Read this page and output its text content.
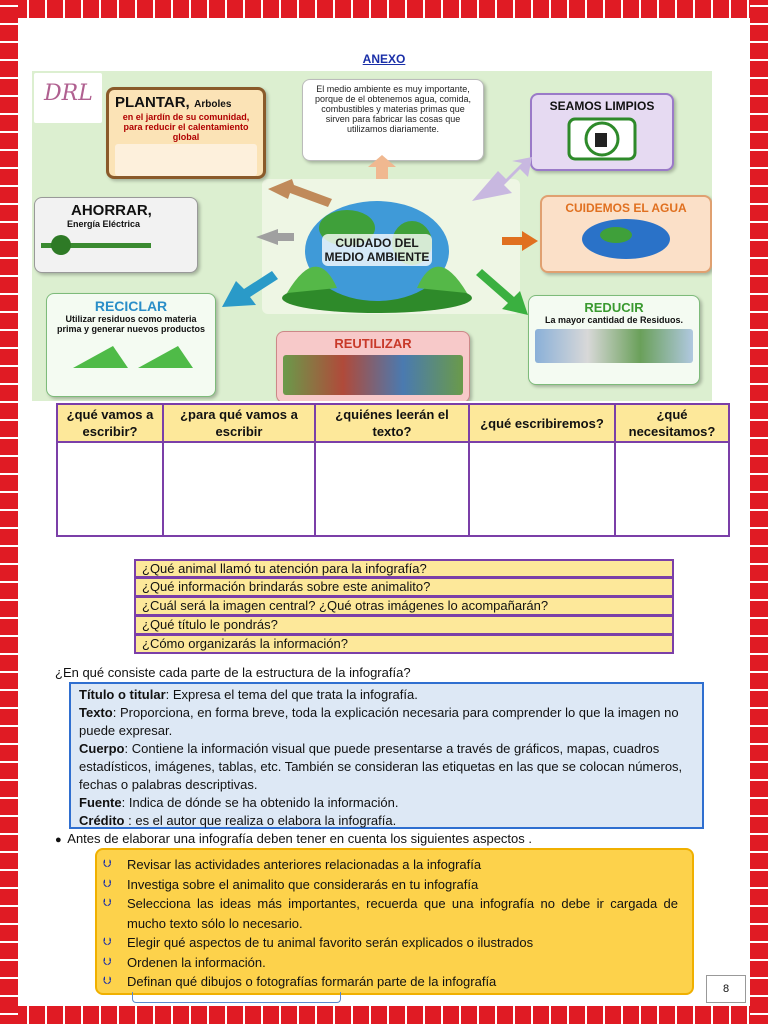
ANEXO
DRL
CUIDADO DEL MEDIO AMBIENTE
El medio ambiente es muy importante, porque de el obtenemos agua, comida, combustibles y materias primas que sirven para fabricar las cosas que utilizamos diariamente.
PLANTAR, Arboles
en el jardín de su comunidad, para reducir el calentamiento global
AHORRAR,
Energía Eléctrica
RECICLAR
Utilizar residuos como materia prima y generar nuevos productos
REUTILIZAR
SEAMOS LIMPIOS
CUIDEMOS EL AGUA
REDUCIR
La mayor cantidad de Residuos.
¿qué vamos a escribir?	¿para qué vamos a escribir	¿quiénes leerán el texto?	¿qué escribiremos?	¿qué necesitamos?

¿Qué animal llamó tu atención para la infografía?
¿Qué información brindarás sobre este animalito?
¿Cuál será la imagen central? ¿Qué otras imágenes lo acompañarán?
¿Qué título le pondrás?
¿Cómo organizarás la información?
¿En qué consiste cada parte de la estructura de la infografía?

Título o titular: Expresa el tema del que trata la infografía.

Texto: Proporciona, en forma breve, toda la explicación necesaria para comprender lo que la imagen no puede expresar.

Cuerpo: Contiene la información visual que puede presentarse a través de gráficos, mapas, cuadros estadísticos, imágenes, tablas, etc. También se consideran las etiquetas en las que se colocan números, fechas o palabras descriptivas.

Fuente: Indica de dónde se ha obtenido la información.

Crédito : es el autor que realiza o elabora la infografía.

● Antes de elaborar una infografía deben tener en cuenta los siguientes aspectos .
⮋	Revisar las actividades anteriores relacionadas a la infografía
⮋	Investiga sobre el animalito que considerarás en tu infografía
⮋	Selecciona las ideas más importantes, recuerda que una infografía no debe ir cargada de mucho texto sólo lo necesario.
⮋	Elegir qué aspectos de tu animal favorito serán explicados o ilustrados
⮋	Ordenen la información.
⮋	Definan qué dibujos o fotografías formarán parte de la infografía	8
